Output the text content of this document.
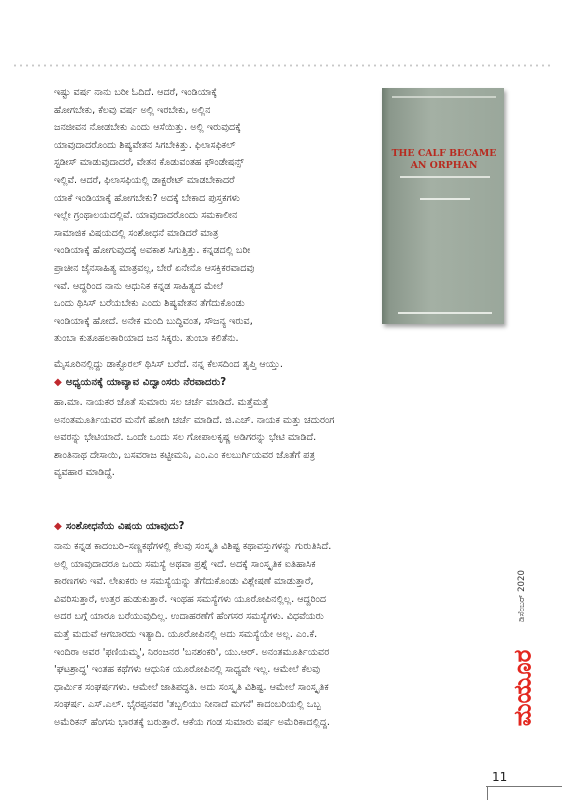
ಇಷ್ಟು ವರ್ಷ ನಾನು ಬರೀ ಓದಿದೆ. ಆದರೆ, ಇಂಡಿಯಾಕ್ಕೆ
ಹೋಗಬೇಕು, ಕೆಲವು ವರ್ಷ ಅಲ್ಲಿ ಇರಬೇಕು, ಅಲ್ಲಿನ
ಜನಜೀವನ ನೋಡಬೇಕು ಎಂದು ಆಸೆಯಿತ್ತು. ಅಲ್ಲಿ ಇರುವುದಕ್ಕೆ
ಯಾವುದಾದರೊಂದು ಶಿಷ್ಯವೇತನ ಸಿಗಬೇಕಿತ್ತು. ಫಿಲಾಸಫಿಕಲ್
ಸ್ಟಡೀಸ್ ಮಾಡುವುದಾದರೆ, ವೇತನ ಕೊಡುವಂತಹ ಫೌಂಡೇಷನ್ಸ್
ಇಲ್ಲಿವೆ. ಆದರೆ, ಫಿಲಾಸಫಿಯಲ್ಲಿ ಡಾಕ್ಟರೇಟ್ ಮಾಡಬೇಕಾದರೆ
ಯಾಕೆ ಇಂಡಿಯಾಕ್ಕೆ ಹೋಗಬೇಕು? ಅದಕ್ಕೆ ಬೇಕಾದ ಪುಸ್ತಕಗಳು
ಇಲ್ಲೇ ಗ್ರಂಥಾಲಯದಲ್ಲಿವೆ. ಯಾವುದಾದರೊಂದು ಸಮಕಾಲೀನ
ಸಾಮಾಜಿಕ ವಿಷಯದಲ್ಲಿ ಸಂಶೋಧನೆ ಮಾಡಿದರೆ ಮಾತ್ರ
ಇಂಡಿಯಾಕ್ಕೆ ಹೋಗುವುದಕ್ಕೆ ಅವಕಾಶ ಸಿಗುತ್ತಿತ್ತು. ಕನ್ನಡದಲ್ಲಿ ಬರೀ
ಪ್ರಾಚೀನ ಜೈನಸಾಹಿತ್ಯ ಮಾತ್ರವಲ್ಲ, ಬೇರೆ ಏನೇನೊ ಆಸಕ್ತಿಕರವಾದವು
ಇವೆ. ಆದ್ದರಿಂದ ನಾನು ಆಧುನಿಕ ಕನ್ನಡ ಸಾಹಿತ್ಯದ ಮೇಲೆ
ಒಂದು ಥಿಸಿಸ್ ಬರೆಯಬೇಕು ಎಂದು ಶಿಷ್ಯವೇತನ ತೆಗೆದುಕೊಂಡು
ಇಂಡಿಯಾಕ್ಕೆ ಹೋದೆ. ಅನೇಕ ಮಂದಿ ಬುದ್ಧಿವಂತ, ಸೌಜನ್ಯ ಇರುವ,
ತುಂಬಾ ಕುತೂಹಲಕಾರಿಯಾದ ಜನ ಸಿಕ್ಕರು. ತುಂಬಾ ಕಲಿತೆನು.
ಮೈಸೂರಿನಲ್ಲಿದ್ದು ಡಾಕ್ಟೊರಲ್ ಥಿಸಿಸ್ ಬರೆದೆ. ನನ್ನ ಕೆಲಸದಿಂದ ತೃಪ್ತಿ ಆಯ್ತು.
THE CALF BECAME AN ORPHAN
◆ ಅಧ್ಯಯನಕ್ಕೆ ಯಾವ್ಯಾವ ವಿದ್ವಾಂಸರು ನೆರವಾದರು?
ಹಾ.ಮಾ. ನಾಯಕರ ಜೊತೆ ಸುಮಾರು ಸಲ ಚರ್ಚೆ ಮಾಡಿದೆ. ಮತ್ತೆಮತ್ತೆ
ಅನಂತಮೂರ್ತಿಯವರ ಮನೆಗೆ ಹೋಗಿ ಚರ್ಚೆ ಮಾಡಿದೆ. ಜಿ.ಎಚ್. ನಾಯಕ ಮತ್ತು ಚದುರಂಗ
ಅವರನ್ನು ಭೇಟಿಯಾದೆ. ಒಂದೇ ಒಂದು ಸಲ ಗೋಪಾಲಕೃಷ್ಣ ಅಡಿಗರನ್ನು ಭೇಟಿ ಮಾಡಿದೆ.
ಶಾಂತಿನಾಥ ದೇಸಾಯಿ, ಬಸವರಾಜ ಕಟ್ಟೀಮನಿ, ಎಂ.ಎಂ ಕಲಬುರ್ಗಿಯವರ ಜೊತೆಗೆ ಪತ್ರ
ವ್ಯವಹಾರ ಮಾಡಿದ್ದೆ.
◆ ಸಂಶೋಧನೆಯ ವಿಷಯ ಯಾವುದು?
ನಾನು ಕನ್ನಡ ಕಾದಂಬರಿ–ಸಣ್ಣಕಥೆಗಳಲ್ಲಿ ಕೆಲವು ಸಂಸ್ಕೃತಿ ವಿಶಿಷ್ಟ ಕಥಾವಸ್ತುಗಳನ್ನು ಗುರುತಿಸಿದೆ.
ಅಲ್ಲಿ ಯಾವುದಾದರೂ ಒಂದು ಸಮಸ್ಯೆ ಅಥವಾ ಪ್ರಶ್ನೆ ಇದೆ. ಅದಕ್ಕೆ ಸಾಂಸ್ಕೃತಿಕ ಐತಿಹಾಸಿಕ
ಕಾರಣಗಳು ಇವೆ. ಲೇಖಕರು ಆ ಸಮಸ್ಯೆಯನ್ನು ತೆಗೆದುಕೊಂಡು ವಿಶ್ಲೇಷಣೆ ಮಾಡುತ್ತಾರೆ,
ವಿವರಿಸುತ್ತಾರೆ, ಉತ್ತರ ಹುಡುಕುತ್ತಾರೆ. ಇಂಥಹ ಸಮಸ್ಯೆಗಳು ಯೂರೋಪಿನಲ್ಲಿಲ್ಲ. ಆದ್ದರಿಂದ
ಅದರ ಬಗ್ಗೆ ಯಾರೂ ಬರೆಯುವುದಿಲ್ಲ. ಉದಾಹರಣೆಗೆ ಹೆಂಗಸರ ಸಮಸ್ಯೆಗಳು. ವಿಧವೆಯರು
ಮತ್ತೆ ಮದುವೆ ಆಗಬಾರದು ಇತ್ಯಾದಿ. ಯೂರೋಪಿನಲ್ಲಿ ಅದು ಸಮಸ್ಯೆಯೇ ಅಲ್ಲ. ಎಂ.ಕೆ.
ಇಂದಿರಾ ಅವರ 'ಫಣಿಯಮ್ಮ', ನಿರಂಜನರ 'ಬನಶಂಕರಿ', ಯು.ಆರ್. ಅನಂತಮೂರ್ತಿಯವರ
'ಘಟಶ್ರಾದ್ಧ' ಇಂತಹ ಕಥೆಗಳು ಆಧುನಿಕ ಯೂರೋಪಿನಲ್ಲಿ ಸಾಧ್ಯವೇ ಇಲ್ಲ. ಆಮೇಲೆ ಕೆಲವು
ಧಾರ್ಮಿಕ ಸಂಘರ್ಷಗಳು. ಆಮೇಲೆ ಜಾತಿಪದ್ಧತಿ. ಅದು ಸಂಸ್ಕೃತಿ ವಿಶಿಷ್ಟ. ಆಮೇಲೆ ಸಾಂಸ್ಕೃತಿಕ
ಸಂಘರ್ಷ. ಎಸ್.ಎಲ್. ಭೈರಪ್ಪನವರ 'ತಬ್ಬಲಿಯು ನೀನಾದೆ ಮಗನೆ' ಕಾದಂಬರಿಯಲ್ಲಿ ಒಬ್ಬ
ಅಮೆರಿಕನ್ ಹೆಂಗಸು ಭಾರತಕ್ಕೆ ಬರುತ್ತಾರೆ. ಆಕೆಯ ಗಂಡ ಸುಮಾರು ವರ್ಷ ಅಮೆರಿಕಾದಲ್ಲಿದ್ದ.
ಡಿಸೆಂಬರ್ 2020
ಮಯೂರ
11
